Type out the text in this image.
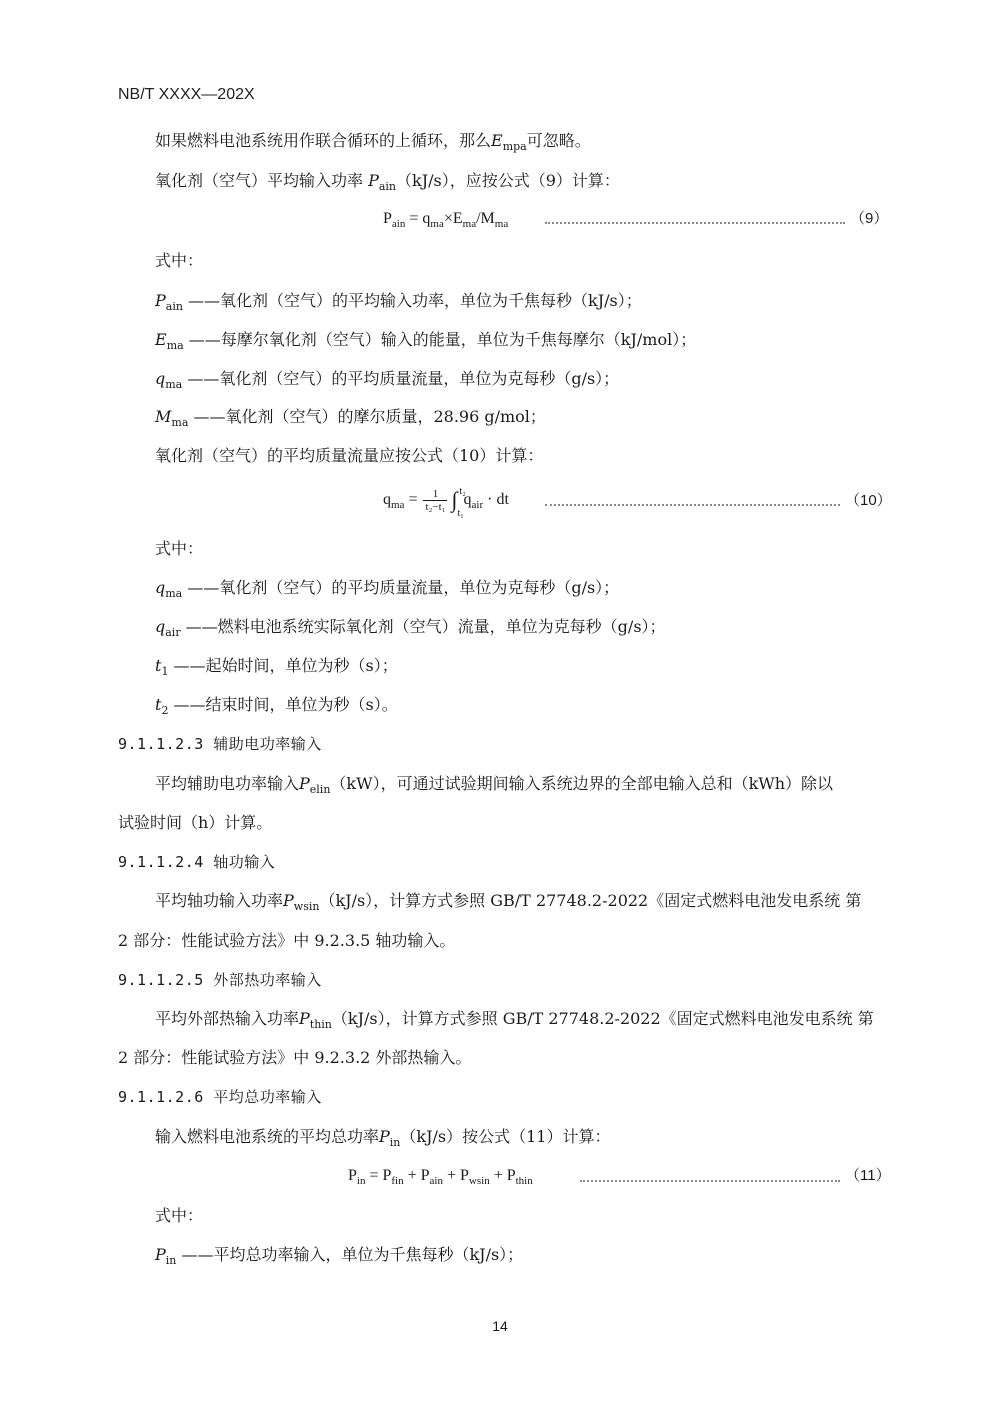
NB/T XXXX—202X
如果燃料电池系统用作联合循环的上循环，那么$E_{mpa}$可忽略。
氧化剂（空气）平均输入功率 $P_{ain}(kJ/s)$，应按公式（9）计算：
$P_{ain} = q_{ma}\times E_{ma}/M_{ma}$	（9）
式中：
$P_{ain}$ ——氧化剂（空气）的平均输入功率，单位为千焦每秒（kJ/s）；
$E_{ma}$ ——每摩尔氧化剂（空气）输入的能量，单位为千焦每摩尔（kJ/mol）；
$q_{ma}$ ——氧化剂（空气）的平均质量流量，单位为克每秒（g/s）；
$M_{ma}$ ——氧化剂（空气）的摩尔质量，28.96 g/mol；
氧化剂（空气）的平均质量流量应按公式（10）计算：
$q_{ma} = \frac{1}{\text{t₂−t₁}}$ ∫ t₂
t₁
$q_{air}$ · dt	（10）
式中：
$q_{ma}$ ——氧化剂（空气）的平均质量流量，单位为克每秒（g/s）；
$q_{air}$ ——燃料电池系统实际氧化剂（空气）流量，单位为克每秒（g/s）；
$t_1$ ——起始时间，单位为秒（s）；
$t_2$ ——结束时间，单位为秒（s）。
9.1.1.2.3 辅助电功率输入
平均辅助电功率输入$P_{elin}(kW)$，可通过试验期间输入系统边界的全部电输入总和（kWh）除以
试验时间（h）计算。
9.1.1.2.4 轴功输入
平均轴功输入功率$P_{wsin}(kJ/s)$，计算方式参照 GB/T 27748.2-2022《固定式燃料电池发电系统 第
2 部分：性能试验方法》中 9.2.3.5 轴功输入。
9.1.1.2.5 外部热功率输入
平均外部热输入功率$P_{thin}(kJ/s)$，计算方式参照 GB/T 27748.2-2022《固定式燃料电池发电系统 第
2 部分：性能试验方法》中 9.2.3.2 外部热输入。
9.1.1.2.6 平均总功率输入
输入燃料电池系统的平均总功率$P_{in}(kJ/s)$按公式（11）计算：
$P_{in} = P_{fin} + P_{ain} + P_{wsin} + P_{thin}$	（11）
式中：
$P_{in}$ ——平均总功率输入，单位为千焦每秒（kJ/s）；
14
